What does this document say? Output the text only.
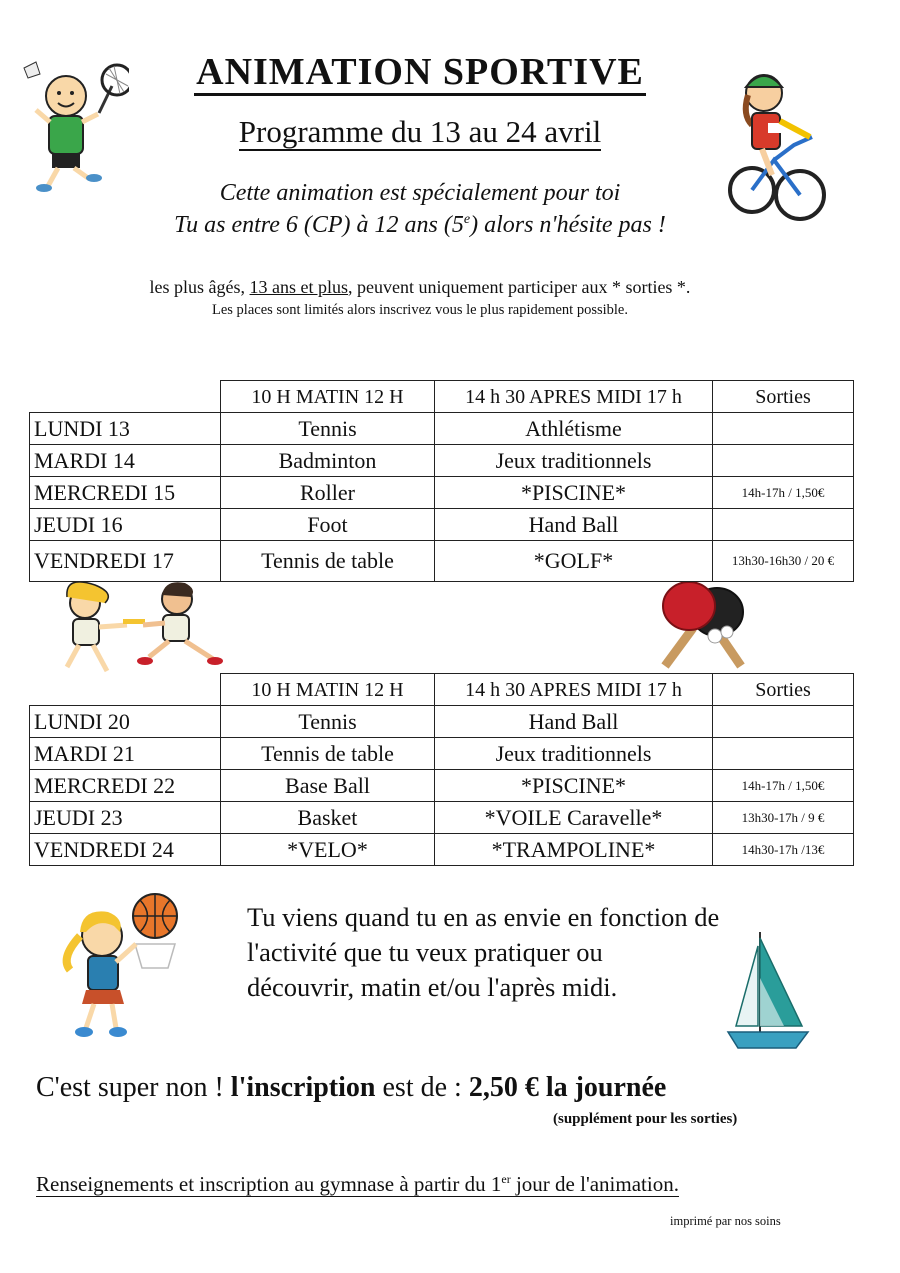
ANIMATION SPORTIVE
Programme du 13 au 24 avril
Cette animation est spécialement pour toi
Tu as entre 6 (CP) à 12 ans (5e) alors n'hésite pas !
les plus âgés, 13 ans et plus, peuvent uniquement participer aux * sorties *.
Les places sont limités alors inscrivez vous le plus rapidement possible.
	10 H MATIN 12 H	14 h 30 APRES MIDI 17 h	Sorties
LUNDI 13	Tennis	Athlétisme	
MARDI 14	Badminton	Jeux traditionnels	
MERCREDI 15	Roller	*PISCINE*	14h-17h / 1,50€
JEUDI 16	Foot	Hand Ball	
VENDREDI 17	Tennis de table	*GOLF*	13h30-16h30 / 20 €
	10 H MATIN 12 H	14 h 30 APRES MIDI 17 h	Sorties
LUNDI 20	Tennis	Hand Ball	
MARDI 21	Tennis de table	Jeux traditionnels	
MERCREDI 22	Base Ball	*PISCINE*	14h-17h / 1,50€
JEUDI 23	Basket	*VOILE Caravelle*	13h30-17h / 9 €
VENDREDI 24	*VELO*	*TRAMPOLINE*	14h30-17h /13€
Tu viens quand tu en as envie en fonction de
l'activité que tu veux pratiquer ou
découvrir, matin et/ou l'après midi.
C'est super non ! l'inscription est de : 2,50 € la journée
(supplément pour les sorties)
Renseignements et inscription au gymnase à partir du 1er jour de l'animation.
imprimé par nos soins
